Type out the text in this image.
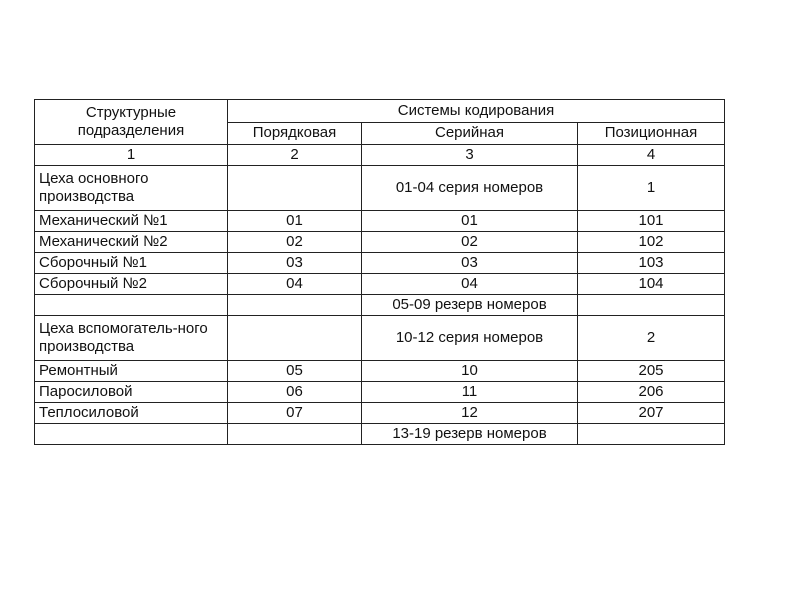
Структурные подразделения	Системы кодирования		
	Порядковая	Серийная	Позиционная
1	2	3	4
Цеха основного производства		01-04 серия номеров	1
Механический №1	01	01	101
Механический №2	02	02	102
Сборочный №1	03	03	103
Сборочный №2	04	04	104
		05-09 резерв номеров	
Цеха вспомогатель-ного производства		10-12 серия номеров	2
Ремонтный	05	10	205
Паросиловой	06	11	206
Теплосиловой	07	12	207
		13-19 резерв номеров	
